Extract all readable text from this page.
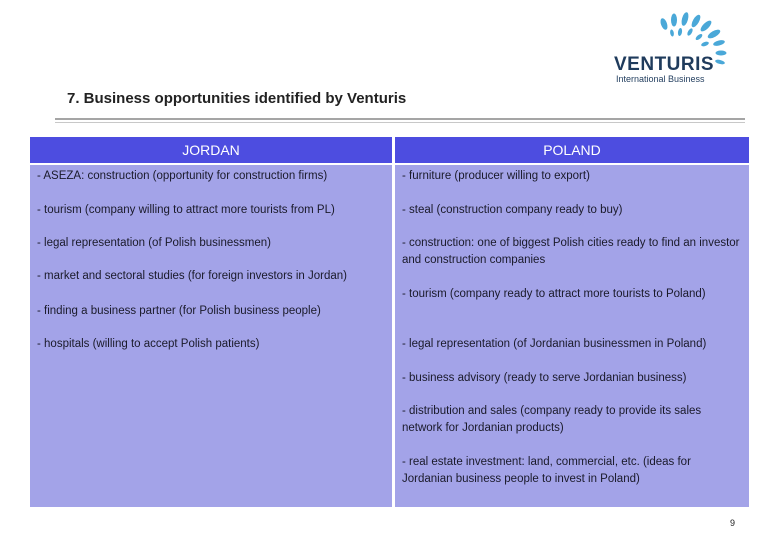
VENTURIS
International Business
7. Business opportunities identified by Venturis
JORDAN	POLAND
- ASEZA: construction (opportunity for construction firms)
- tourism (company willing to attract more tourists from PL)
- legal representation (of Polish businessmen)
- market and sectoral studies (for foreign investors in Jordan)
- finding a business partner (for Polish business people)
- hospitals (willing to accept Polish patients)
- furniture (producer willing to export)
- steal (construction company ready to buy)
- construction: one of biggest Polish cities ready to find an investor and construction companies
- tourism (company ready to attract more tourists to Poland)
- legal representation (of Jordanian businessmen in Poland)
- business advisory (ready to serve Jordanian business)
- distribution and sales (company ready to provide its sales network for Jordanian products)
- real estate investment: land, commercial, etc. (ideas for Jordanian business people to invest in Poland)
9
